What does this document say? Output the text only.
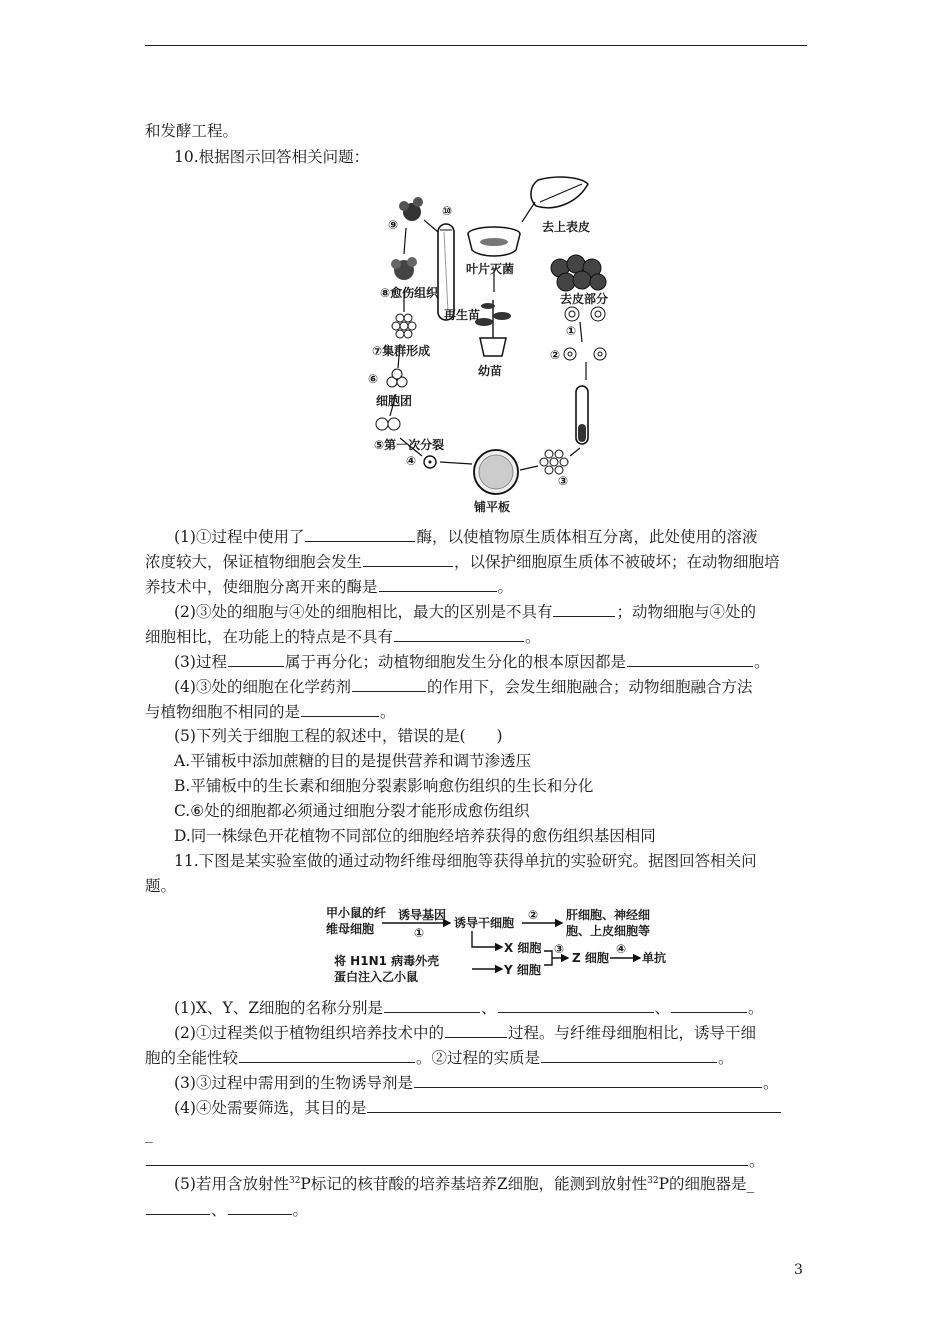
和发酵工程。
10.根据图示回答相关问题：
⑩
⑨
叶片灭菌
去上表皮
⑧愈伤组织
再生苗
去皮部分
①
②
⑦集群形成
幼苗
⑥
细胞团
⑤第一次分裂
④
③
铺平板
(1)①过程中使用了	酶，以使植物原生质体相互分离，此处使用的溶液
浓度较大，保证植物细胞会发生	，以保护细胞原生质体不被破坏；在动物细胞培
养技术中，使细胞分离开来的酶是	。
(2)③处的细胞与④处的细胞相比，最大的区别是不具有	；动物细胞与④处的
细胞相比，在功能上的特点是不具有	。
(3)过程	属于再分化；动植物细胞发生分化的根本原因都是	。
(4)③处的细胞在化学药剂	的作用下，会发生细胞融合；动物细胞融合方法
与植物细胞不相同的是	。
(5)下列关于细胞工程的叙述中，错误的是(　　)
A.平铺板中添加蔗糖的目的是提供营养和调节渗透压
B.平铺板中的生长素和细胞分裂素影响愈伤组织的生长和分化
C.⑥处的细胞都必须通过细胞分裂才能形成愈伤组织
D.同一株绿色开花植物不同部位的细胞经培养获得的愈伤组织基因相同
11.下图是某实验室做的通过动物纤维母细胞等获得单抗的实验研究。据图回答相关问
题。
甲小鼠的纤
维母细胞
诱导基因
①
诱导干细胞
② 肝细胞、神经细
胞、上皮细胞等
X 细胞 ③
Z 细胞
④
单抗
将 H1N1 病毒外壳
蛋白注入乙小鼠	Y 细胞
(1)X、Y、Z细胞的名称分别是	、	、	。
(2)①过程类似于植物组织培养技术中的	过程。与纤维母细胞相比，诱导干细
胞的全能性较	。②过程的实质是	。
(3)③过程中需用到的生物诱导剂是	。
(4)④处需要筛选，其目的是
_
。
(5)若用含放射性$^{32}$P标记的核苷酸的培养基培养Z细胞，能测到放射性$^{32}$P的细胞器是_
、	。
3
